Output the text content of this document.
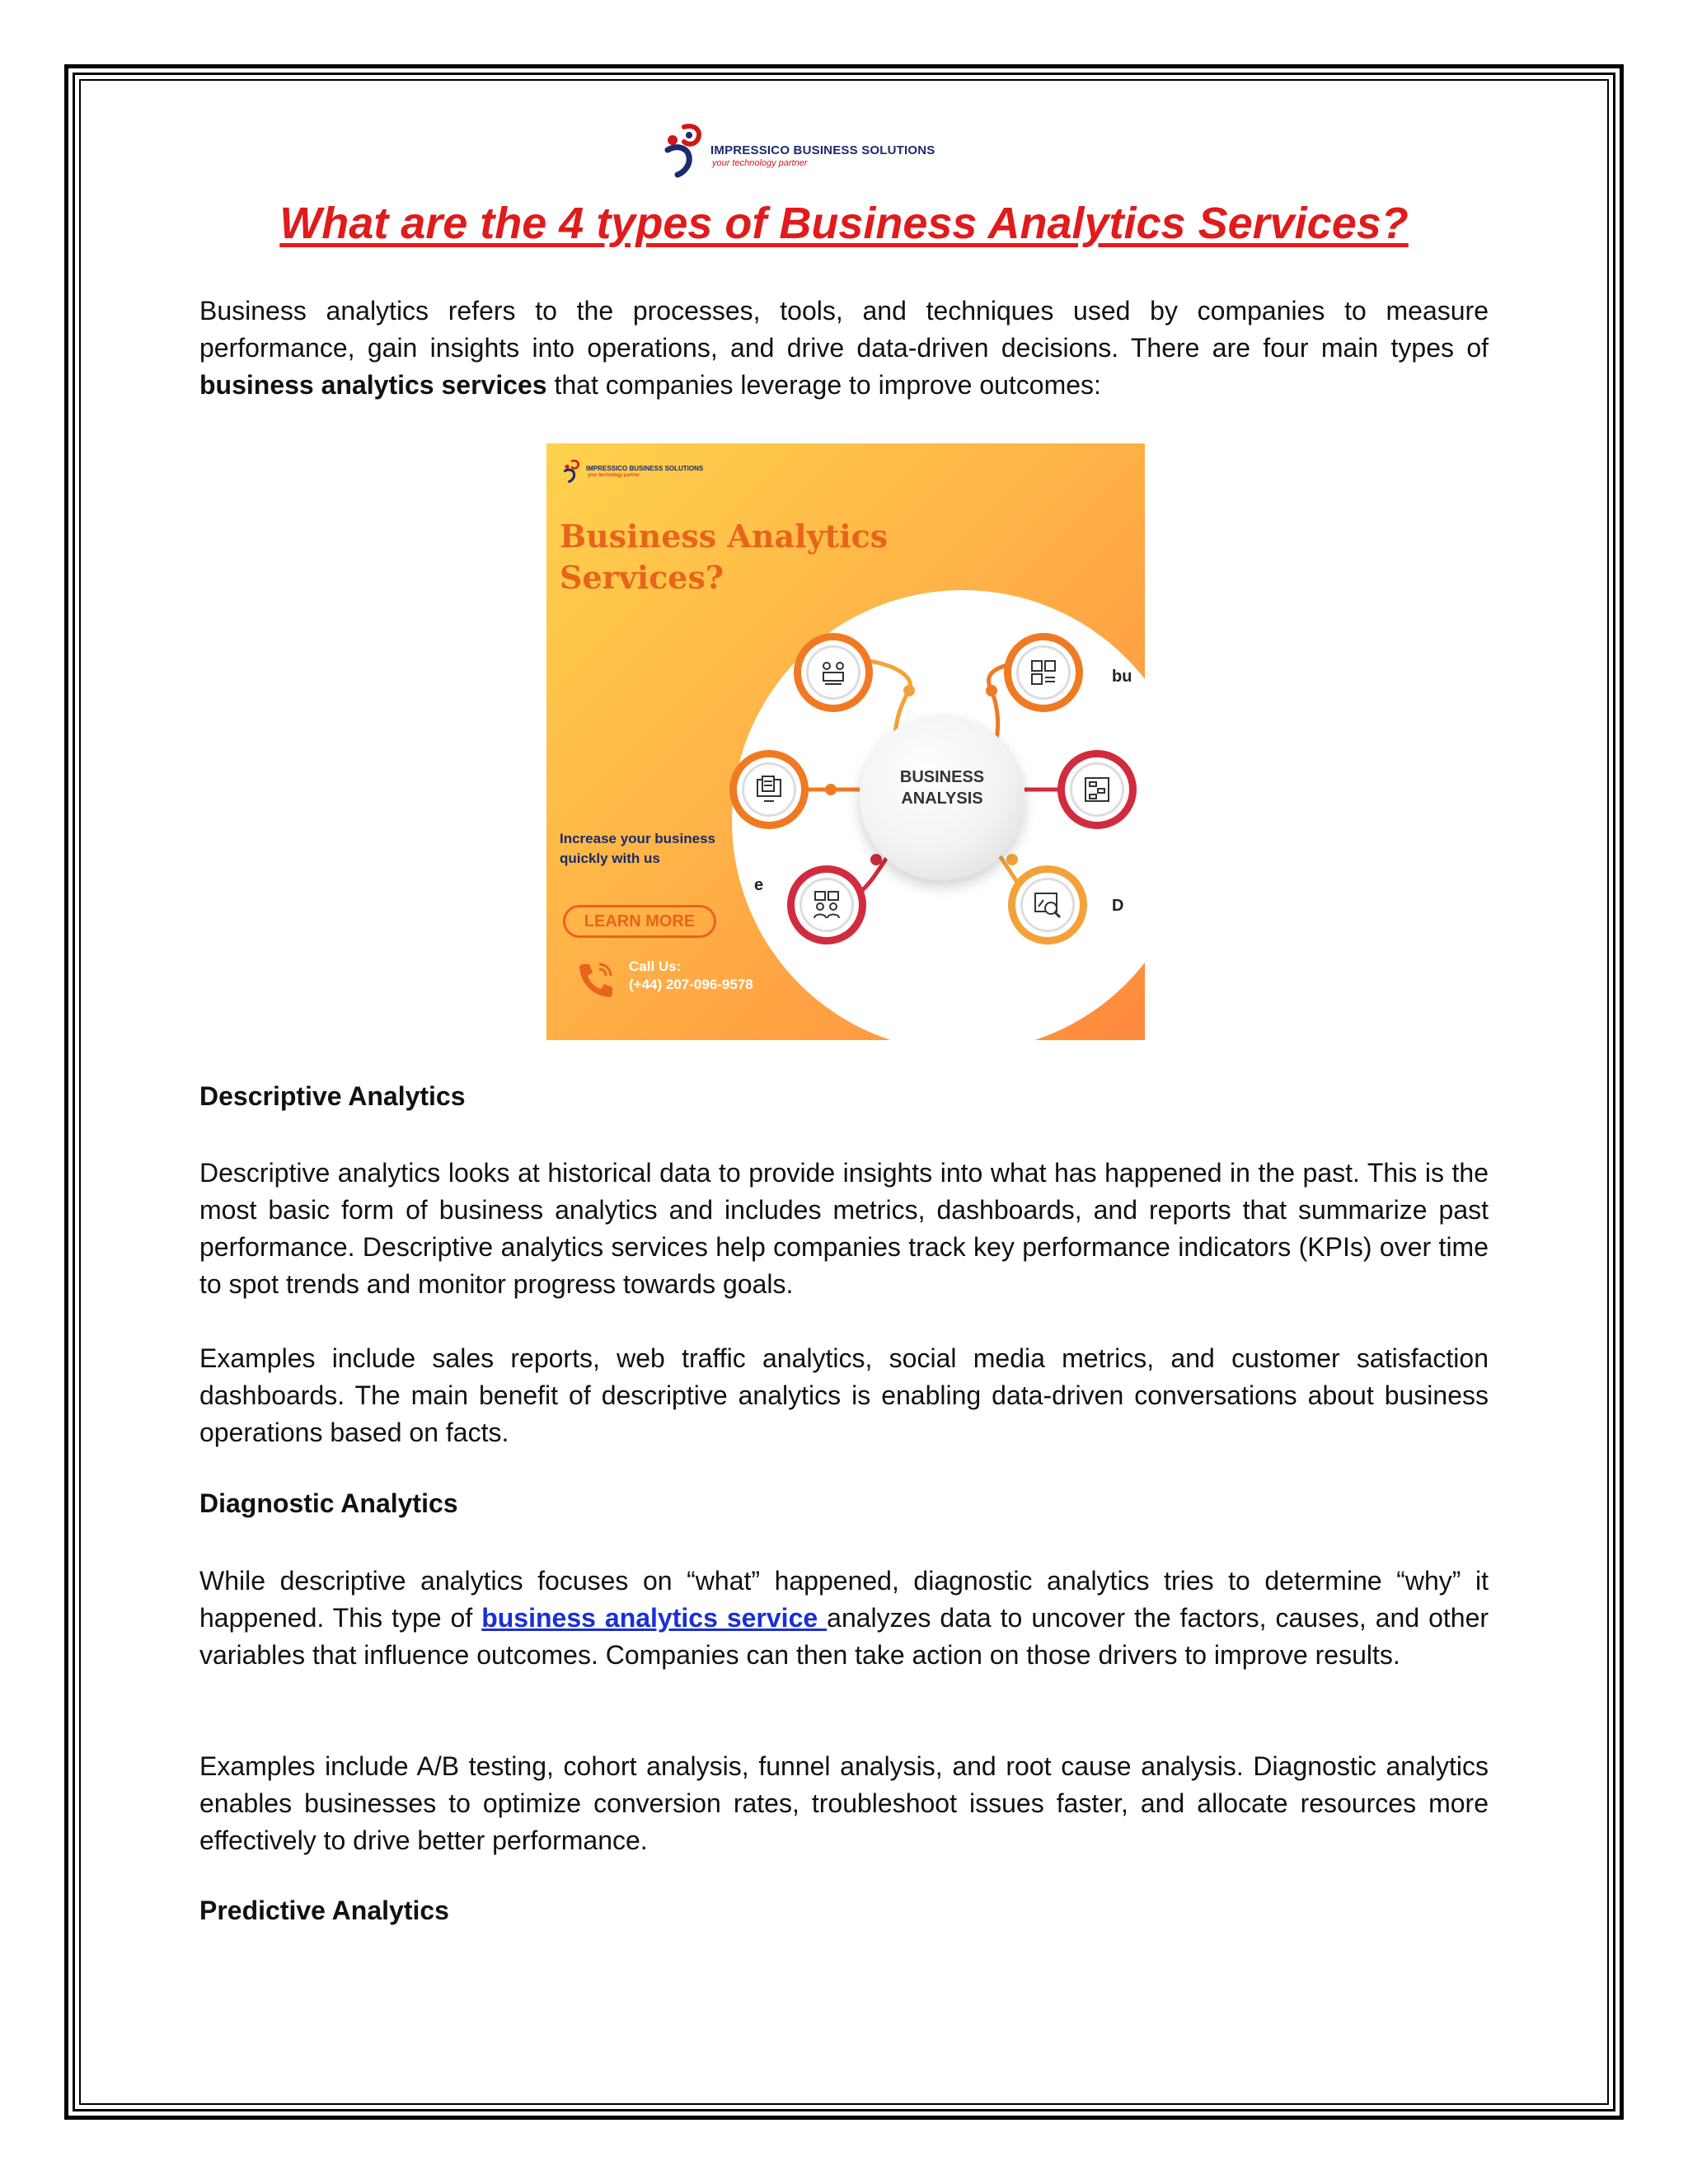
IMPRESSICO BUSINESS SOLUTIONS
your technology partner
What are the 4 types of Business Analytics Services?
Business analytics refers to the processes, tools, and techniques used by companies to measure performance, gain insights into operations, and drive data-driven decisions. There are four main types of business analytics services that companies leverage to improve outcomes:
IMPRESSICO BUSINESS SOLUTIONS
your technology partner
Business Analytics
Services?
BUSINESS
ANALYSIS
bu
D
e
Increase your business quickly with us
LEARN MORE
Call Us:
(+44) 207-096-9578
Descriptive Analytics
Descriptive analytics looks at historical data to provide insights into what has happened in the past. This is the most basic form of business analytics and includes metrics, dashboards, and reports that summarize past performance. Descriptive analytics services help companies track key performance indicators (KPIs) over time to spot trends and monitor progress towards goals.
Examples include sales reports, web traffic analytics, social media metrics, and customer satisfaction dashboards. The main benefit of descriptive analytics is enabling data-driven conversations about business operations based on facts.
Diagnostic Analytics
While descriptive analytics focuses on “what” happened, diagnostic analytics tries to determine “why” it happened. This type of business analytics service analyzes data to uncover the factors, causes, and other variables that influence outcomes. Companies can then take action on those drivers to improve results.
Examples include A/B testing, cohort analysis, funnel analysis, and root cause analysis. Diagnostic analytics enables businesses to optimize conversion rates, troubleshoot issues faster, and allocate resources more effectively to drive better performance.
Predictive Analytics
